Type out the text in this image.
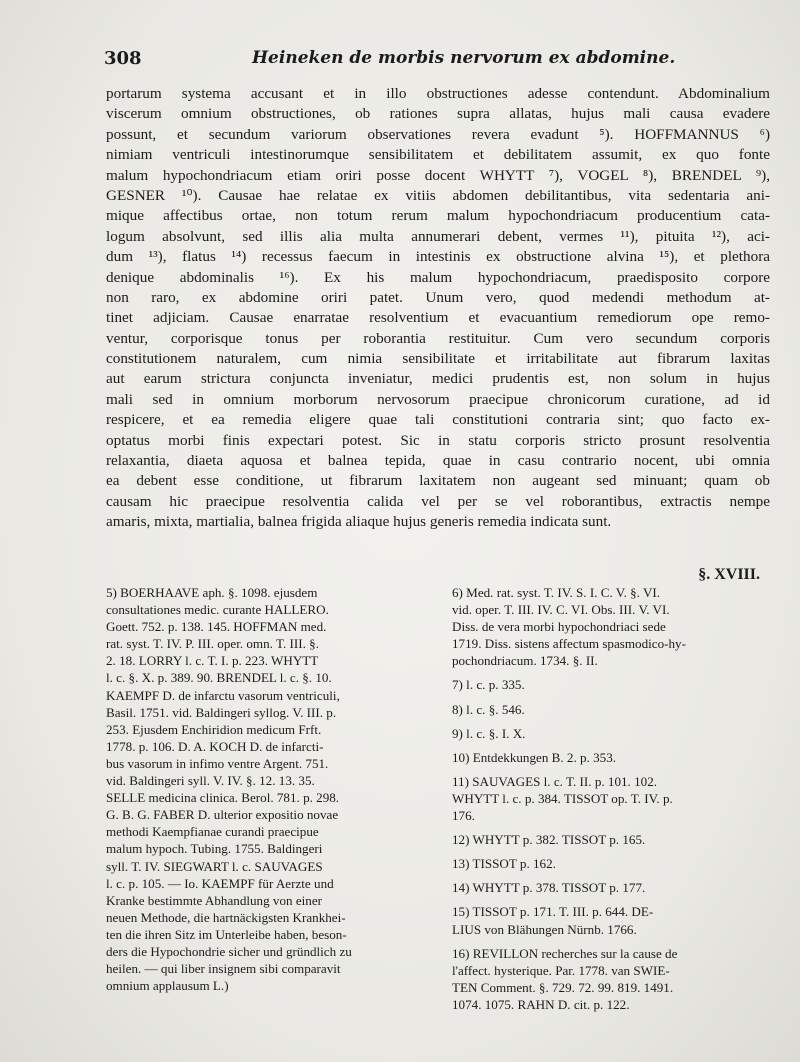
308	Heineken de morbis nervorum ex abdomine.
portarum systema accusant et in illo obstructiones adesse contendunt. Abdominalium
viscerum omnium obstructiones, ob rationes supra allatas, hujus mali causa evadere
possunt, et secundum variorum observationes revera evadunt ⁵). HOFFMANNUS ⁶)
nimiam ventriculi intestinorumque sensibilitatem et debilitatem assumit, ex quo fonte
malum hypochondriacum etiam oriri posse docent WHYTT ⁷), VOGEL ⁸), BRENDEL ⁹),
GESNER ¹⁰). Causae hae relatae ex vitiis abdomen debilitantibus, vita sedentaria ani-
mique affectibus ortae, non totum rerum malum hypochondriacum producentium cata-
logum absolvunt, sed illis alia multa annumerari debent, vermes ¹¹), pituita ¹²), aci-
dum ¹³), flatus ¹⁴) recessus faecum in intestinis ex obstructione alvina ¹⁵), et plethora
denique abdominalis ¹⁶). Ex his malum hypochondriacum, praedisposito corpore
non raro, ex abdomine oriri patet. Unum vero, quod medendi methodum at-
tinet adjiciam. Causae enarratae resolventium et evacuantium remediorum ope remo-
ventur, corporisque tonus per roborantia restituitur. Cum vero secundum corporis
constitutionem naturalem, cum nimia sensibilitate et irritabilitate aut fibrarum laxitas
aut earum strictura conjuncta inveniatur, medici prudentis est, non solum in hujus
mali sed in omnium morborum nervosorum praecipue chronicorum curatione, ad id
respicere, et ea remedia eligere quae tali constitutioni contraria sint; quo facto ex-
optatus morbi finis expectari potest. Sic in statu corporis stricto prosunt resolventia
relaxantia, diaeta aquosa et balnea tepida, quae in casu contrario nocent, ubi omnia
ea debent esse conditione, ut fibrarum laxitatem non augeant sed minuant; quam ob
causam hic praecipue resolventia calida vel per se vel roborantibus, extractis nempe
amaris, mixta, martialia, balnea frigida aliaque hujus generis remedia indicata sunt.
§. XVIII.
5) BOERHAAVE aph. §. 1098. ejusdem
consultationes medic. curante HALLERO.
Goett. 752. p. 138. 145. HOFFMAN med.
rat. syst. T. IV. P. III. oper. omn. T. III. §.
2. 18. LORRY l. c. T. I. p. 223. WHYTT
l. c. §. X. p. 389. 90. BRENDEL l. c. §. 10.
KAEMPF D. de infarctu vasorum ventriculi,
Basil. 1751. vid. Baldingeri syllog. V. III. p.
253. Ejusdem Enchiridion medicum Frft.
1778. p. 106. D. A. KOCH D. de infarcti-
bus vasorum in infimo ventre Argent. 751.
vid. Baldingeri syll. V. IV. §. 12. 13. 35.
SELLE medicina clinica. Berol. 781. p. 298.
G. B. G. FABER D. ulterior expositio novae
methodi Kaempfianae curandi praecipue
malum hypoch. Tubing. 1755. Baldingeri
syll. T. IV. SIEGWART l. c. SAUVAGES
l. c. p. 105. — Io. KAEMPF für Aerzte und
Kranke bestimmte Abhandlung von einer
neuen Methode, die hartnäckigsten Krankhei-
ten die ihren Sitz im Unterleibe haben, beson-
ders die Hypochondrie sicher und gründlich zu
heilen. — qui liber insignem sibi comparavit
omnium applausum L.)
6) Med. rat. syst. T. IV. S. I. C. V. §. VI.
vid. oper. T. III. IV. C. VI. Obs. III. V. VI.
Diss. de vera morbi hypochondriaci sede
1719. Diss. sistens affectum spasmodico-hy-
pochondriacum. 1734. §. II.
7) l. c. p. 335.
8) l. c. §. 546.
9) l. c. §. I. X.
10) Entdekkungen B. 2. p. 353.
11) SAUVAGES l. c. T. II. p. 101. 102.
WHYTT l. c. p. 384. TISSOT op. T. IV. p.
176.
12) WHYTT p. 382. TISSOT p. 165.
13) TISSOT p. 162.
14) WHYTT p. 378. TISSOT p. 177.
15) TISSOT p. 171. T. III. p. 644. DE-
LIUS von Blähungen Nürnb. 1766.
16) REVILLON recherches sur la cause de
l'affect. hysterique. Par. 1778. van SWIE-
TEN Comment. §. 729. 72. 99. 819. 1491.
1074. 1075. RAHN D. cit. p. 122.
